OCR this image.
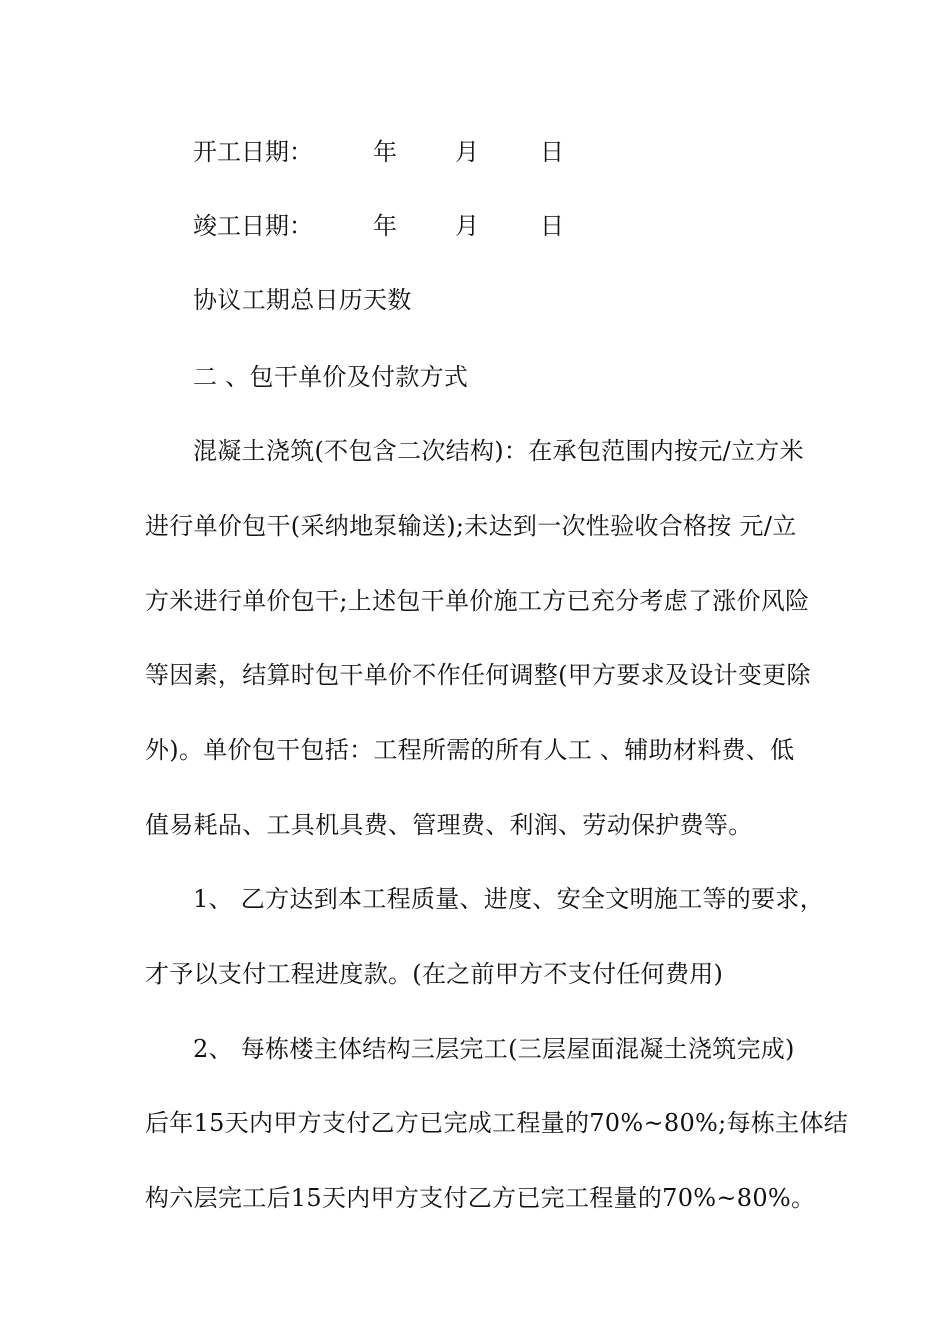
开工日期：	年 月	日
竣工日期：	年 月	日
协议工期总日历天数
二 、包干单价及付款方式
混凝土浇筑(不包含二次结构)：在承包范围内按元/立方米
进行单价包干(采纳地泵输送);未达到一次性验收合格按 元/立
方米进行单价包干;上述包干单价施工方已充分考虑了涨价风险
等因素，结算时包干单价不作任何调整(甲方要求及设计变更除
外)。单价包干包括：工程所需的所有人工 、辅助材料费、低
值易耗品、工具机具费、管理费、利润、劳动保护费等。
1、 乙方达到本工程质量、进度、安全文明施工等的要求，
才予以支付工程进度款。(在之前甲方不支付任何费用)
2、 每栋楼主体结构三层完工(三层屋面混凝土浇筑完成)
后年15天内甲方支付乙方已完成工程量的70%~80%;每栋主体结
构六层完工后15天内甲方支付乙方已完工程量的70%~80%。
